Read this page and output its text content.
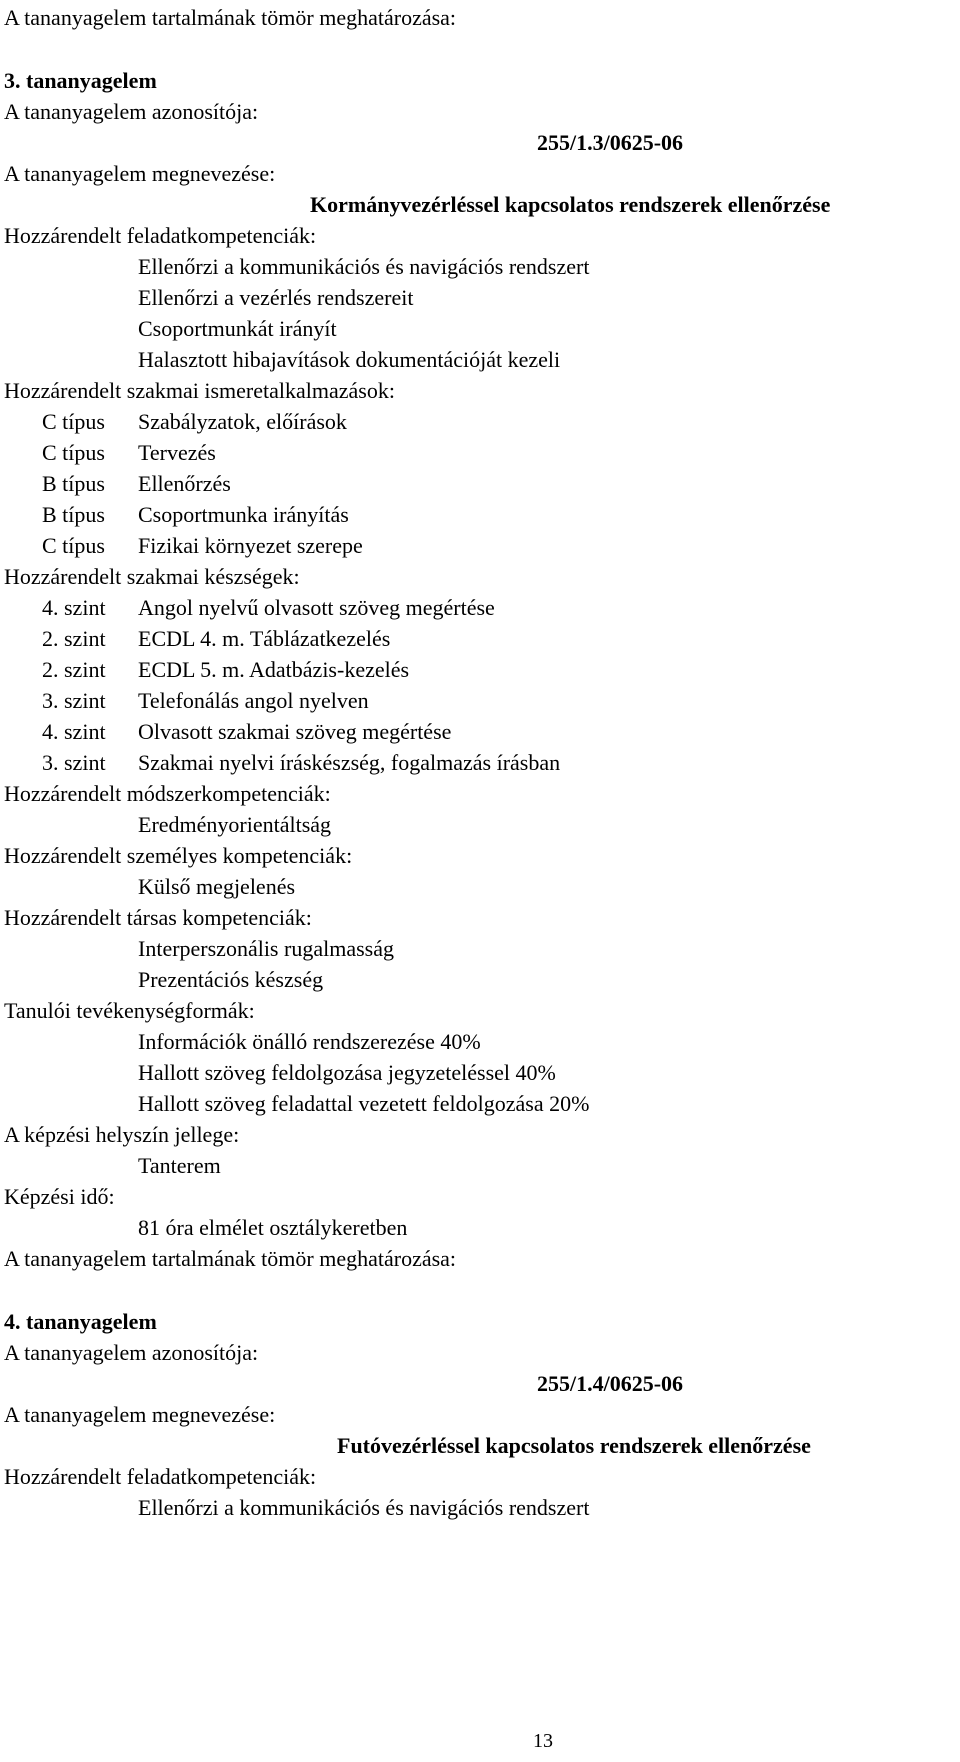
A tananyagelem tartalmának tömör meghatározása:
3. tananyagelem
A tananyagelem azonosítója:
255/1.3/0625-06
A tananyagelem megnevezése:
Kormányvezérléssel kapcsolatos rendszerek ellenőrzése
Hozzárendelt feladatkompetenciák:
Ellenőrzi a kommunikációs és navigációs rendszert
Ellenőrzi a vezérlés rendszereit
Csoportmunkát irányít
Halasztott hibajavítások dokumentációját kezeli
Hozzárendelt szakmai ismeretalkalmazások:
C típus Szabályzatok, előírások
C típus Tervezés
B típus Ellenőrzés
B típus Csoportmunka irányítás
C típus Fizikai környezet szerepe
Hozzárendelt szakmai készségek:
4. szint Angol nyelvű olvasott szöveg megértése
2. szint ECDL 4. m. Táblázatkezelés
2. szint ECDL 5. m. Adatbázis-kezelés
3. szint Telefonálás angol nyelven
4. szint Olvasott szakmai szöveg megértése
3. szint Szakmai nyelvi íráskészség, fogalmazás írásban
Hozzárendelt módszerkompetenciák:
Eredményorientáltság
Hozzárendelt személyes kompetenciák:
Külső megjelenés
Hozzárendelt társas kompetenciák:
Interperszonális rugalmasság
Prezentációs készség
Tanulói tevékenységformák:
Információk önálló rendszerezése 40%
Hallott szöveg feldolgozása jegyzeteléssel 40%
Hallott szöveg feladattal vezetett feldolgozása 20%
A képzési helyszín jellege:
Tanterem
Képzési idő:
81 óra elmélet osztálykeretben
A tananyagelem tartalmának tömör meghatározása:
4. tananyagelem
A tananyagelem azonosítója:
255/1.4/0625-06
A tananyagelem megnevezése:
Futóvezérléssel kapcsolatos rendszerek ellenőrzése
Hozzárendelt feladatkompetenciák:
Ellenőrzi a kommunikációs és navigációs rendszert
13
